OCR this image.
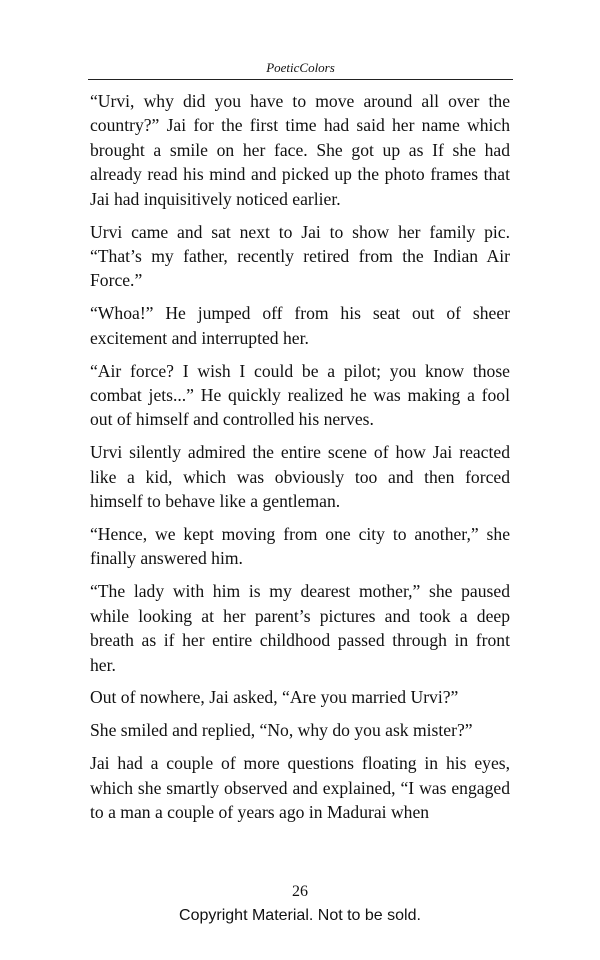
PoeticColors

“Urvi, why did you have to move around all over the country?” Jai for the first time had said her name which brought a smile on her face. She got up as If she had already read his mind and picked up the photo frames that Jai had inquisitively noticed earlier.

Urvi came and sat next to Jai to show her family pic. “That’s my father, recently retired from the Indian Air Force.”

“Whoa!” He jumped off from his seat out of sheer excitement and interrupted her.

“Air force? I wish I could be a pilot; you know those combat jets...” He quickly realized he was making a fool out of himself and controlled his nerves.

Urvi silently admired the entire scene of how Jai reacted like a kid, which was obviously too and then forced himself to behave like a gentleman.

“Hence, we kept moving from one city to another,” she finally answered him.

“The lady with him is my dearest mother,” she paused while looking at her parent’s pictures and took a deep breath as if her entire childhood passed through in front her.

Out of nowhere, Jai asked, “Are you married Urvi?”

She smiled and replied, “No, why do you ask mister?”

Jai had a couple of more questions floating in his eyes, which she smartly observed and explained, “I was engaged to a man a couple of years ago in Madurai when

26
Copyright Material. Not to be sold.
